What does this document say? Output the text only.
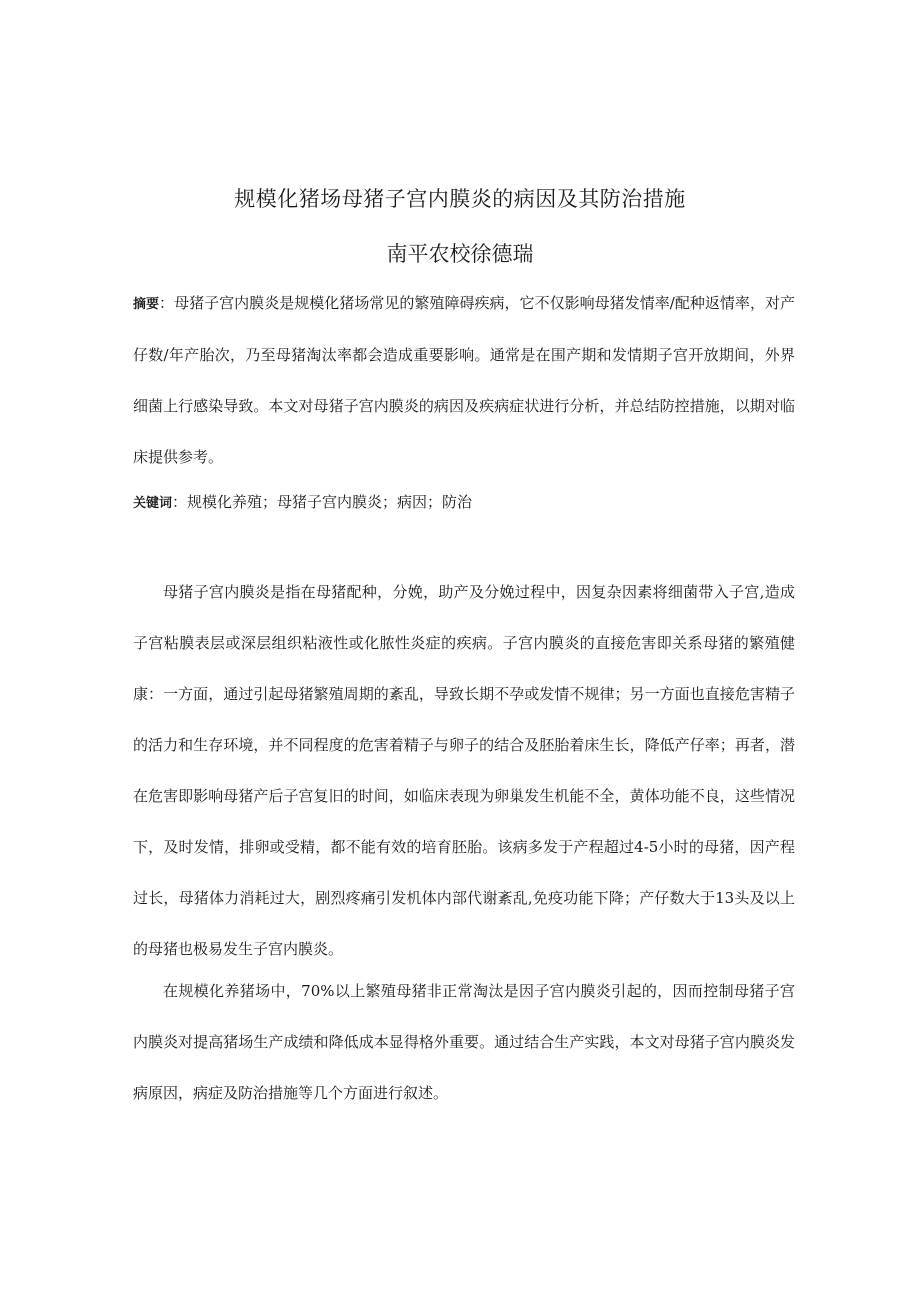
规模化猪场母猪子宫内膜炎的病因及其防治措施
南平农校徐德瑞

摘要：母猪子宫内膜炎是规模化猪场常见的繁殖障碍疾病，它不仅影响母猪发情率/配种返情率，对产仔数/年产胎次，乃至母猪淘汰率都会造成重要影响。通常是在围产期和发情期子宫开放期间，外界细菌上行感染导致。本文对母猪子宫内膜炎的病因及疾病症状进行分析，并总结防控措施，以期对临床提供参考。

关键词：规模化养殖；母猪子宫内膜炎；病因；防治

母猪子宫内膜炎是指在母猪配种，分娩，助产及分娩过程中，因复杂因素将细菌带入子宫,造成子宫粘膜表层或深层组织粘液性或化脓性炎症的疾病。子宫内膜炎的直接危害即关系母猪的繁殖健康：一方面，通过引起母猪繁殖周期的紊乱，导致长期不孕或发情不规律；另一方面也直接危害精子的活力和生存环境，并不同程度的危害着精子与卵子的结合及胚胎着床生长，降低产仔率；再者，潜在危害即影响母猪产后子宫复旧的时间，如临床表现为卵巢发生机能不全，黄体功能不良，这些情况下，及时发情，排卵或受精，都不能有效的培育胚胎。该病多发于产程超过4-5小时的母猪，因产程过长，母猪体力消耗过大，剧烈疼痛引发机体内部代谢紊乱,免疫功能下降；产仔数大于13头及以上的母猪也极易发生子宫内膜炎。

在规模化养猪场中，70%以上繁殖母猪非正常淘汰是因子宫内膜炎引起的，因而控制母猪子宫内膜炎对提高猪场生产成绩和降低成本显得格外重要。通过结合生产实践，本文对母猪子宫内膜炎发病原因，病症及防治措施等几个方面进行叙述。
